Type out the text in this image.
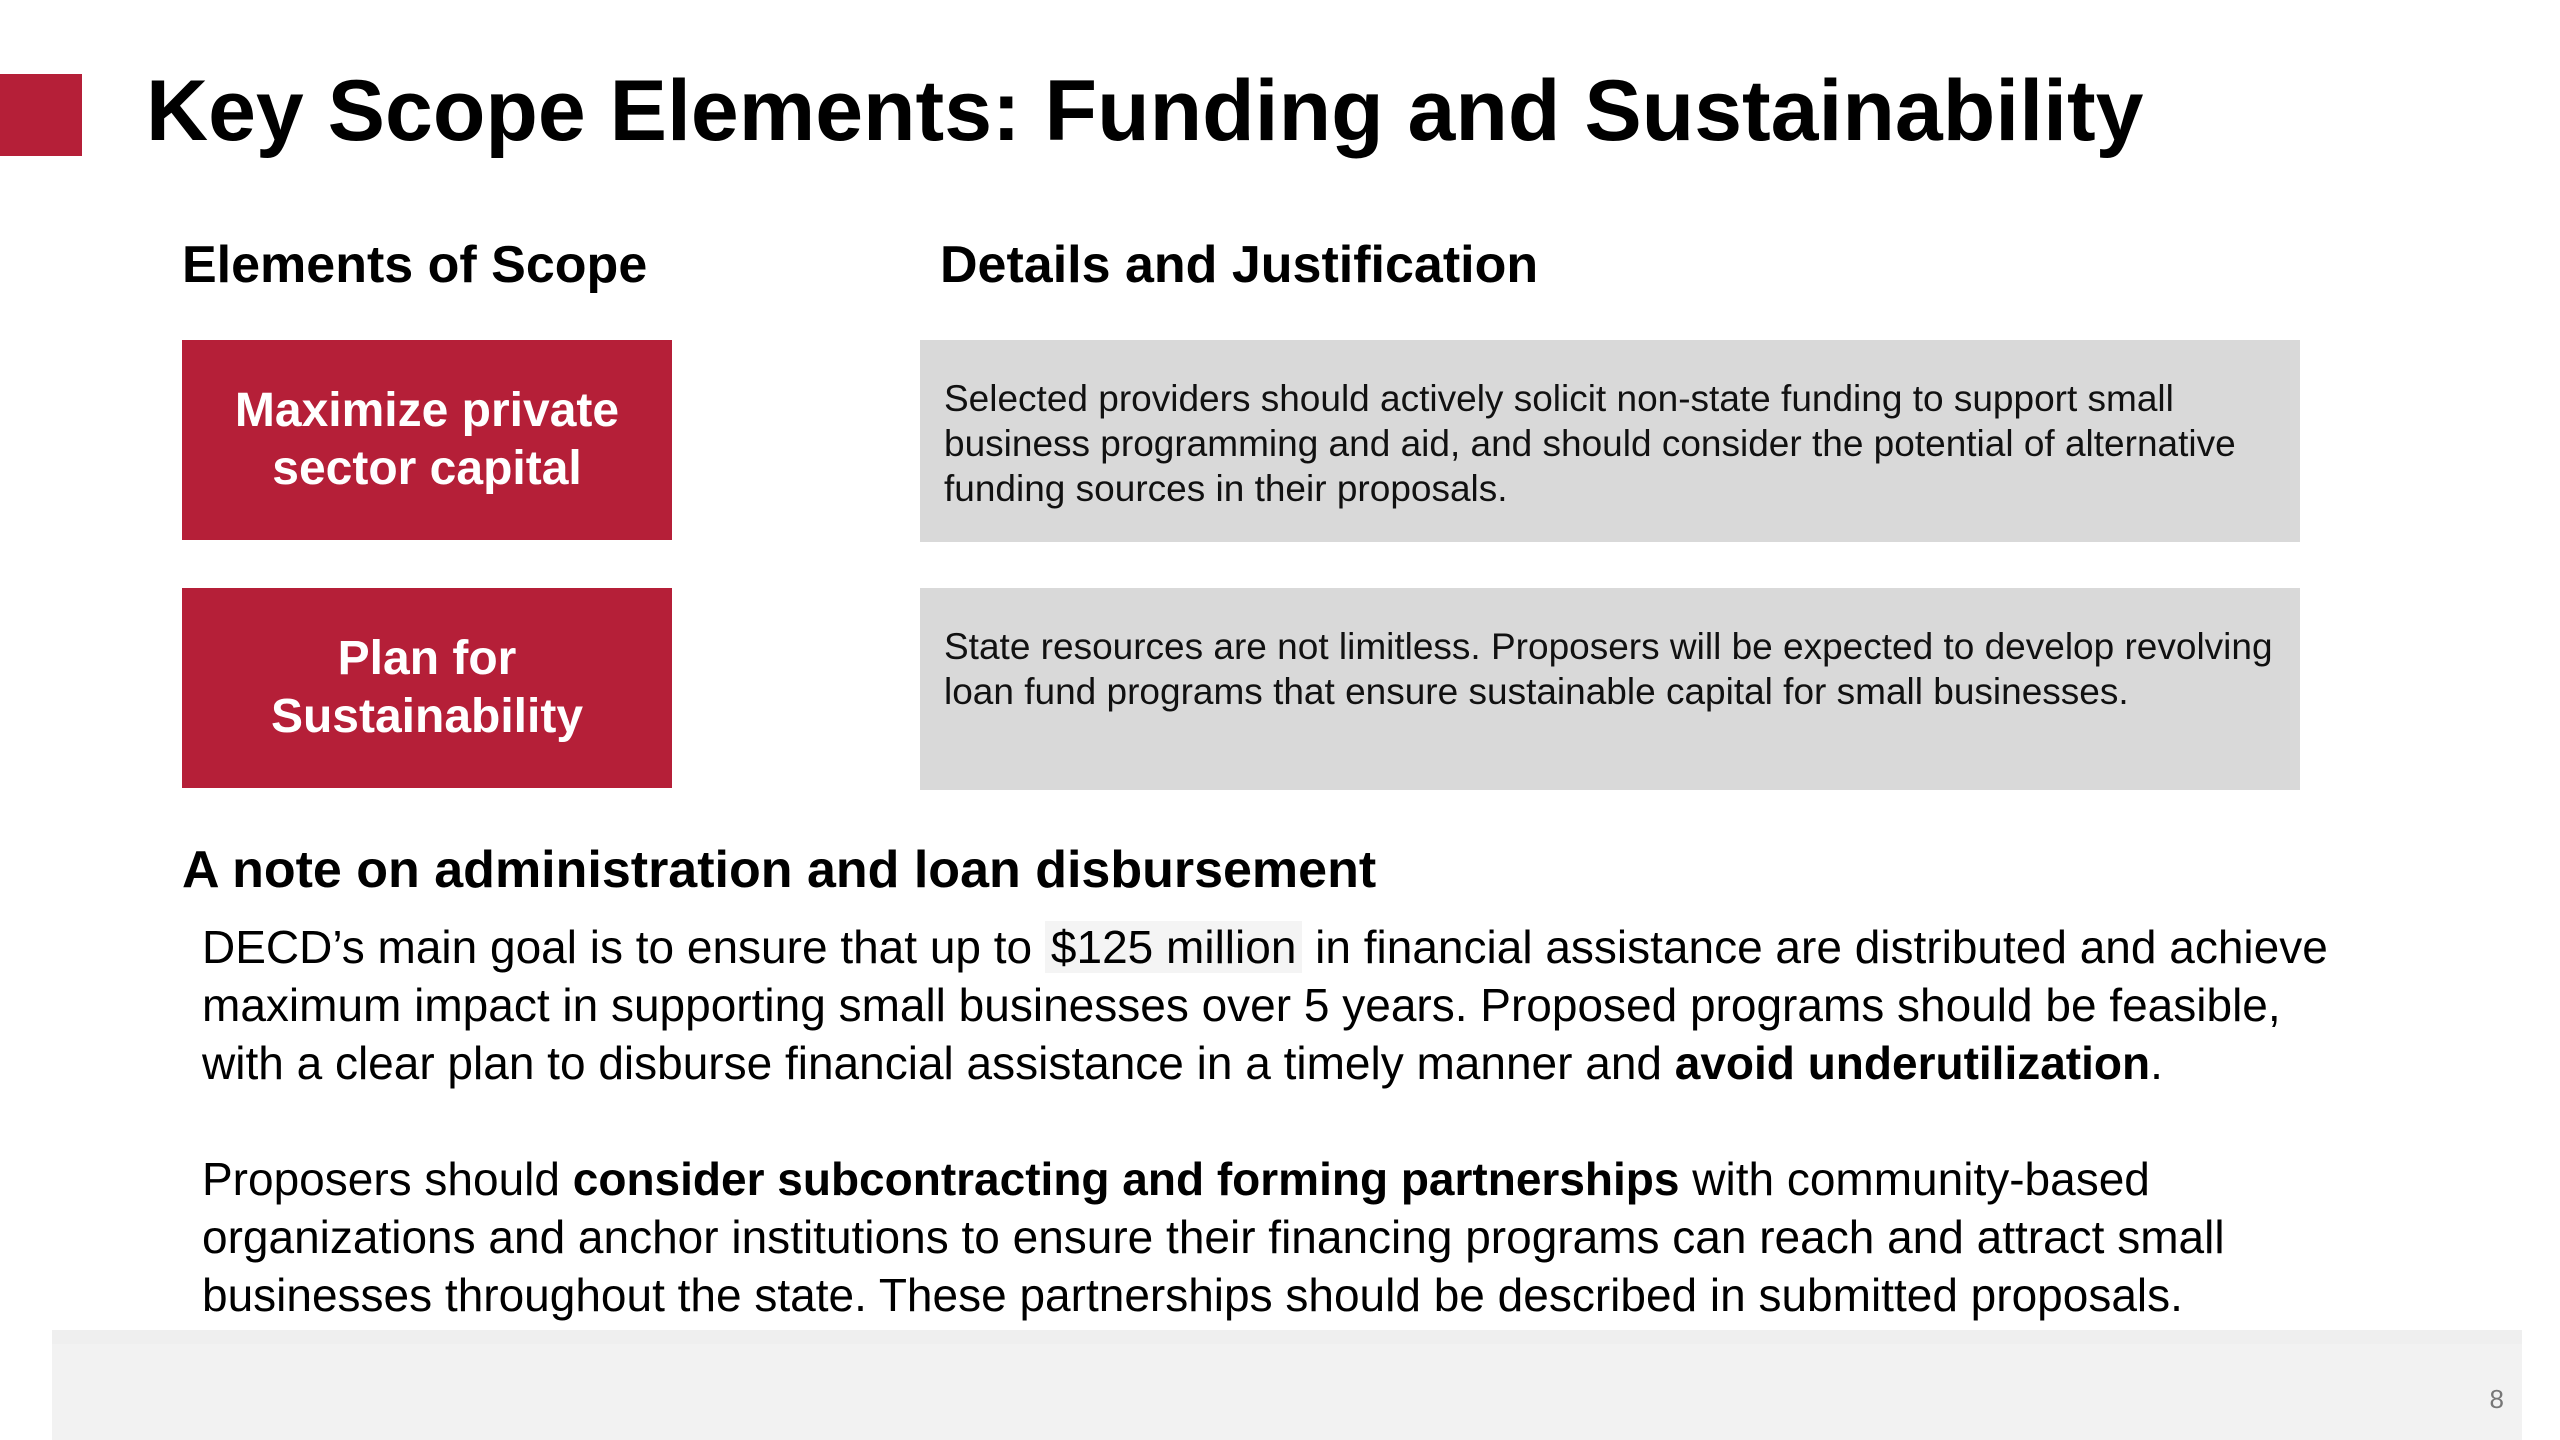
Key Scope Elements: Funding and Sustainability
Elements of Scope	Details and Justification
Maximize private sector capital
Selected providers should actively solicit non-state funding to support small business programming and aid, and should consider the potential of alternative funding sources in their proposals.
Plan for Sustainability
State resources are not limitless. Proposers will be expected to develop revolving loan fund programs that ensure sustainable capital for small businesses.
A note on administration and loan disbursement

DECD’s main goal is to ensure that up to $125 million in financial assistance are distributed and achieve maximum impact in supporting small businesses over 5 years. Proposed programs should be feasible, with a clear plan to disburse financial assistance in a timely manner and avoid underutilization.

Proposers should consider subcontracting and forming partnerships with community-based organizations and anchor institutions to ensure their financing programs can reach and attract small businesses throughout the state. These partnerships should be described in submitted proposals.

8
